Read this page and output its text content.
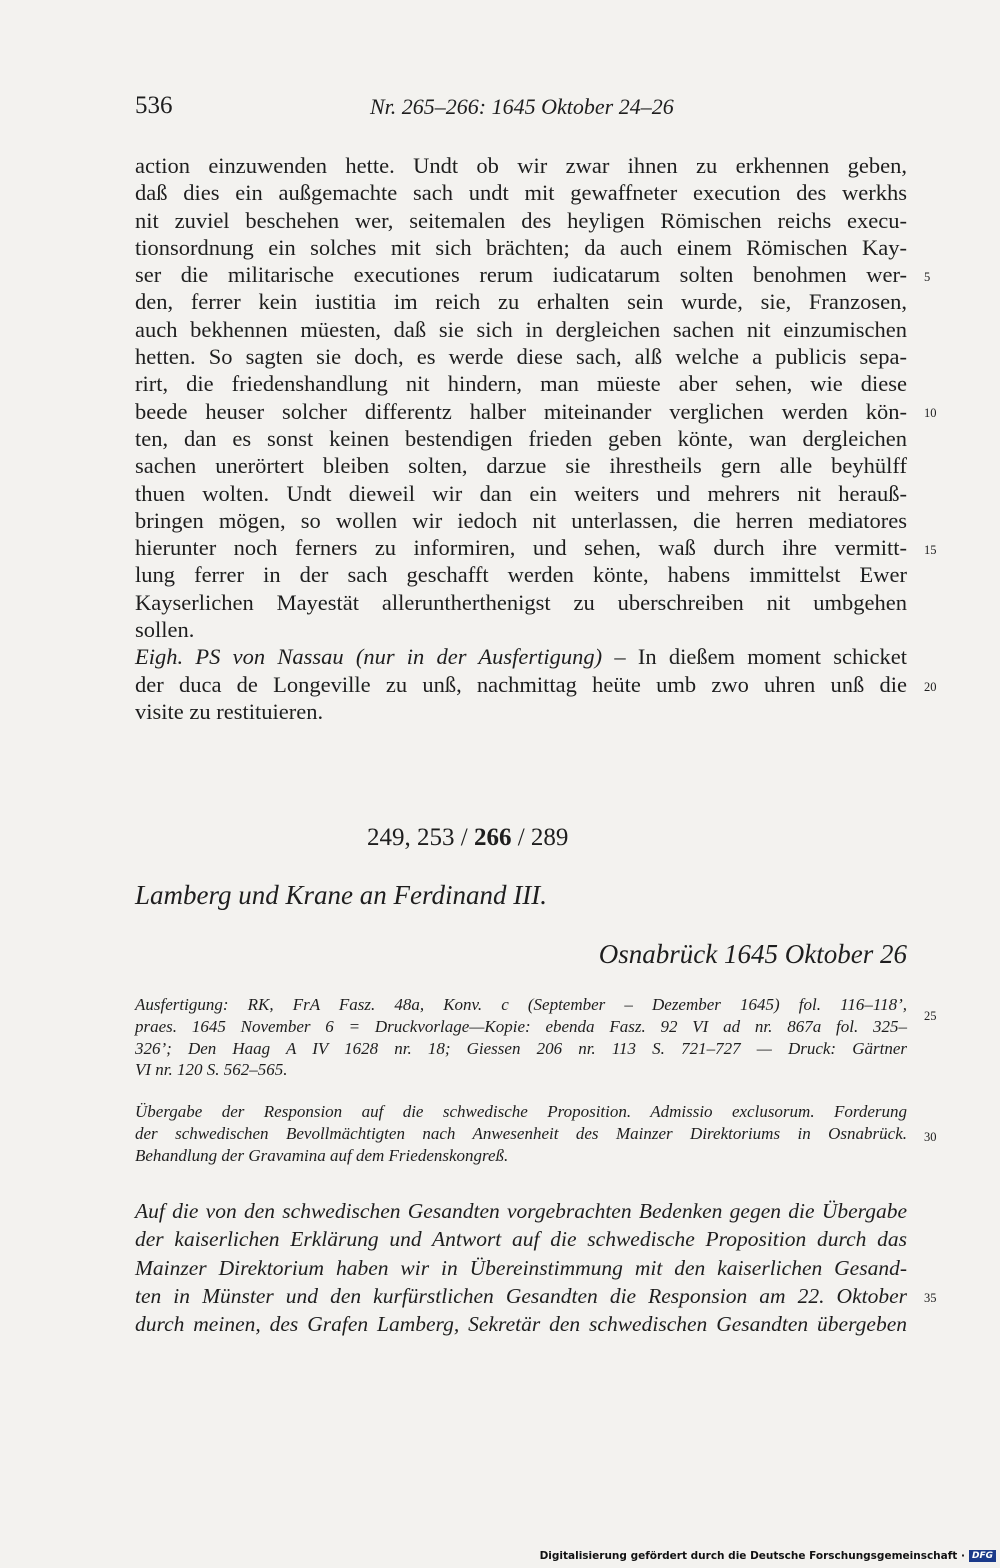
536	Nr. 265–266: 1645 Oktober 24–26
action einzuwenden hette. Undt ob wir zwar ihnen zu erkhennen geben,
daß dies ein außgemachte sach undt mit gewaffneter execution des werkhs
nit zuviel beschehen wer, seitemalen des heyligen Römischen reichs execu-
tionsordnung ein solches mit sich brächten; da auch einem Römischen Kay-
ser die militarische executiones rerum iudicatarum solten benohmen wer-
den, ferrer kein iustitia im reich zu erhalten sein wurde, sie, Franzosen,
auch bekhennen müesten, daß sie sich in dergleichen sachen nit einzumischen
hetten. So sagten sie doch, es werde diese sach, alß welche a publicis sepa-
rirt, die friedenshandlung nit hindern, man müeste aber sehen, wie diese
beede heuser solcher differentz halber miteinander verglichen werden kön-
ten, dan es sonst keinen bestendigen frieden geben könte, wan dergleichen
sachen unerörtert bleiben solten, darzue sie ihrestheils gern alle beyhülff
thuen wolten. Undt dieweil wir dan ein weiters und mehrers nit herauß-
bringen mögen, so wollen wir iedoch nit unterlassen, die herren mediatores
hierunter noch ferners zu informiren, und sehen, waß durch ihre vermitt-
lung ferrer in der sach geschafft werden könte, habens immittelst Ewer
Kayserlichen Mayestät alleruntherthenigst zu uberschreiben nit umbgehen
sollen.
Eigh. PS von Nassau (nur in der Ausfertigung) – In dießem moment schicket
der duca de Longeville zu unß, nachmittag heüte umb zwo uhren unß die
visite zu restituieren.
5
10
15
20
249, 253 / 266 / 289
Lamberg und Krane an Ferdinand III.
Osnabrück 1645 Oktober 26
Ausfertigung: RK, FrA Fasz. 48a, Konv. c (September – Dezember 1645) fol. 116–118’,
praes. 1645 November 6 = Druckvorlage—Kopie: ebenda Fasz. 92 VI ad nr. 867a fol. 325–
326’; Den Haag A IV 1628 nr. 18; Giessen 206 nr. 113 S. 721–727 — Druck: Gärtner
VI nr. 120 S. 562–565.
Übergabe der Responsion auf die schwedische Proposition. Admissio exclusorum. Forderung
der schwedischen Bevollmächtigten nach Anwesenheit des Mainzer Direktoriums in Osnabrück.
Behandlung der Gravamina auf dem Friedenskongreß.
Auf die von den schwedischen Gesandten vorgebrachten Bedenken gegen die Übergabe
der kaiserlichen Erklärung und Antwort auf die schwedische Proposition durch das
Mainzer Direktorium haben wir in Übereinstimmung mit den kaiserlichen Gesand-
ten in Münster und den kurfürstlichen Gesandten die Responsion am 22. Oktober
durch meinen, des Grafen Lamberg, Sekretär den schwedischen Gesandten übergeben
25
30
35
Digitalisierung gefördert durch die Deutsche Forschungsgemeinschaft · DFG
